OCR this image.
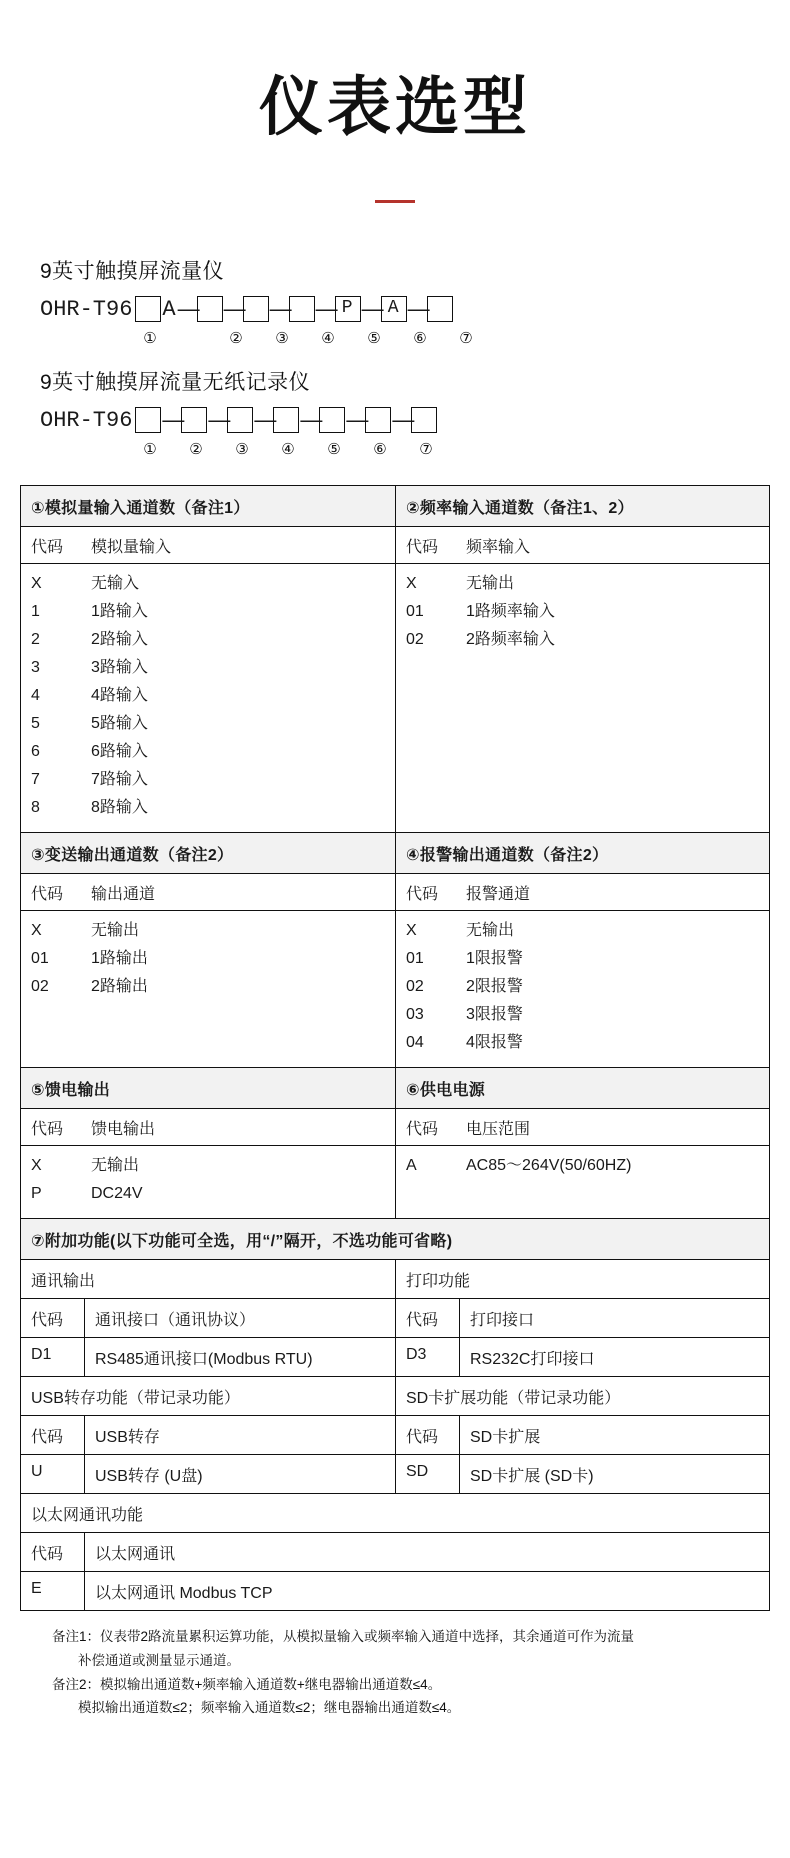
仪表选型
9英寸触摸屏流量仪
OHR-T96 A — — — — P — A —
①	②	③	④	⑤	⑥	⑦
9英寸触摸屏流量无纸记录仪
OHR-T96 — — — — — —
①	②	③	④	⑤	⑥	⑦
①模拟量输入通道数（备注1）
代码	模拟量输入
X	无输入
1	1路输入
2	2路输入
3	3路输入
4	4路输入
5	5路输入
6	6路输入
7	7路输入
8	8路输入
②频率输入通道数（备注1、2）
代码	频率输入
X	无输出
01	1路频率输入
02	2路频率输入
③变送输出通道数（备注2）
代码	输出通道
X	无输出
01	1路输出
02	2路输出

④报警输出通道数（备注2）
代码	报警通道
X	无输出
01	1限报警
02	2限报警
03	3限报警
04	4限报警
⑤馈电输出
代码	馈电输出
X	无输出
P	DC24V
⑥供电电源
代码	电压范围
A	AC85～264V(50/60HZ)

⑦附加功能(以下功能可全选，用“/”隔开，不选功能可省略)
通讯输出	打印功能
代码	通讯接口（通讯协议）	代码	打印接口
D1	RS485通讯接口(Modbus RTU)	D3	RS232C打印接口
USB转存功能（带记录功能）	SD卡扩展功能（带记录功能）
代码	USB转存	代码	SD卡扩展
U	USB转存 (U盘)	SD	SD卡扩展 (SD卡)
以太网通讯功能
代码	以太网通讯
E	以太网通讯 Modbus TCP
备注1：仪表带2路流量累积运算功能，从模拟量输入或频率输入通道中选择，其余通道可作为流量
补偿通道或测量显示通道。
备注2：模拟输出通道数+频率输入通道数+继电器输出通道数≤4。
模拟输出通道数≤2；频率输入通道数≤2；继电器输出通道数≤4。
